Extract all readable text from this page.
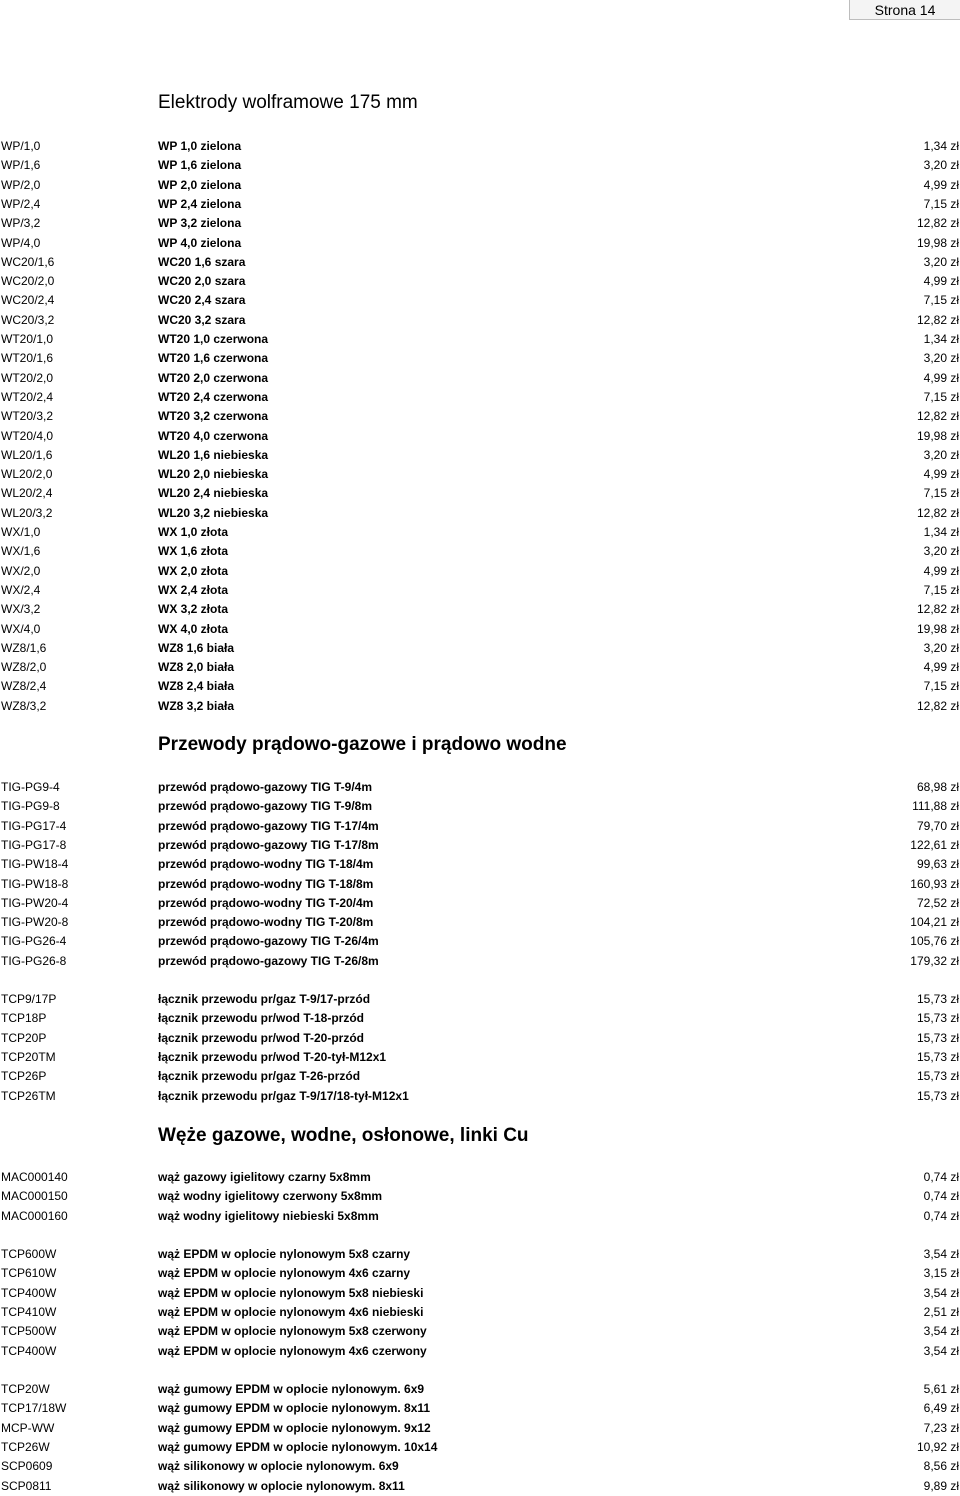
Strona 14
Elektrody wolframowe 175 mm
WP/1,0	WP 1,0 zielona	1,34 zł
WP/1,6	WP 1,6 zielona	3,20 zł
WP/2,0	WP 2,0 zielona	4,99 zł
WP/2,4	WP 2,4 zielona	7,15 zł
WP/3,2	WP 3,2 zielona	12,82 zł
WP/4,0	WP 4,0 zielona	19,98 zł
WC20/1,6	WC20 1,6 szara	3,20 zł
WC20/2,0	WC20 2,0 szara	4,99 zł
WC20/2,4	WC20 2,4 szara	7,15 zł
WC20/3,2	WC20 3,2 szara	12,82 zł
WT20/1,0	WT20 1,0 czerwona	1,34 zł
WT20/1,6	WT20 1,6 czerwona	3,20 zł
WT20/2,0	WT20 2,0 czerwona	4,99 zł
WT20/2,4	WT20 2,4 czerwona	7,15 zł
WT20/3,2	WT20 3,2 czerwona	12,82 zł
WT20/4,0	WT20 4,0 czerwona	19,98 zł
WL20/1,6	WL20 1,6 niebieska	3,20 zł
WL20/2,0	WL20 2,0 niebieska	4,99 zł
WL20/2,4	WL20 2,4 niebieska	7,15 zł
WL20/3,2	WL20 3,2 niebieska	12,82 zł
WX/1,0	WX 1,0 złota	1,34 zł
WX/1,6	WX 1,6 złota	3,20 zł
WX/2,0	WX 2,0 złota	4,99 zł
WX/2,4	WX 2,4 złota	7,15 zł
WX/3,2	WX 3,2 złota	12,82 zł
WX/4,0	WX 4,0 złota	19,98 zł
WZ8/1,6	WZ8 1,6 biała	3,20 zł
WZ8/2,0	WZ8 2,0 biała	4,99 zł
WZ8/2,4	WZ8 2,4 biała	7,15 zł
WZ8/3,2	WZ8 3,2 biała	12,82 zł
Przewody prądowo-gazowe i prądowo wodne
TIG-PG9-4	przewód prądowo-gazowy TIG T-9/4m	68,98 zł
TIG-PG9-8	przewód prądowo-gazowy TIG T-9/8m	111,88 zł
TIG-PG17-4	przewód prądowo-gazowy TIG T-17/4m	79,70 zł
TIG-PG17-8	przewód prądowo-gazowy TIG T-17/8m	122,61 zł
TIG-PW18-4	przewód prądowo-wodny TIG T-18/4m	99,63 zł
TIG-PW18-8	przewód prądowo-wodny TIG T-18/8m	160,93 zł
TIG-PW20-4	przewód prądowo-wodny TIG T-20/4m	72,52 zł
TIG-PW20-8	przewód prądowo-wodny TIG T-20/8m	104,21 zł
TIG-PG26-4	przewód prądowo-gazowy TIG T-26/4m	105,76 zł
TIG-PG26-8	przewód prądowo-gazowy TIG T-26/8m	179,32 zł
TCP9/17P	łącznik przewodu pr/gaz T-9/17-przód	15,73 zł
TCP18P	łącznik przewodu pr/wod T-18-przód	15,73 zł
TCP20P	łącznik przewodu pr/wod T-20-przód	15,73 zł
TCP20TM	łącznik przewodu pr/wod T-20-tył-M12x1	15,73 zł
TCP26P	łącznik przewodu pr/gaz T-26-przód	15,73 zł
TCP26TM	łącznik przewodu pr/gaz T-9/17/18-tył-M12x1	15,73 zł
Węże gazowe, wodne, osłonowe, linki Cu
MAC000140	wąż gazowy igielitowy czarny 5x8mm	0,74 zł
MAC000150	wąż wodny igielitowy czerwony 5x8mm	0,74 zł
MAC000160	wąż wodny igielitowy niebieski 5x8mm	0,74 zł
TCP600W	wąż EPDM w oplocie nylonowym 5x8 czarny	3,54 zł
TCP610W	wąż EPDM w oplocie nylonowym 4x6 czarny	3,15 zł
TCP400W	wąż EPDM w oplocie nylonowym 5x8 niebieski	3,54 zł
TCP410W	wąż EPDM w oplocie nylonowym 4x6 niebieski	2,51 zł
TCP500W	wąż EPDM w oplocie nylonowym 5x8 czerwony	3,54 zł
TCP400W	wąż EPDM w oplocie nylonowym 4x6 czerwony	3,54 zł
TCP20W	wąż gumowy EPDM w oplocie nylonowym. 6x9	5,61 zł
TCP17/18W	wąż gumowy EPDM w oplocie nylonowym. 8x11	6,49 zł
MCP-WW	wąż gumowy EPDM w oplocie nylonowym. 9x12	7,23 zł
TCP26W	wąż gumowy EPDM w oplocie nylonowym. 10x14	10,92 zł
SCP0609	wąż silikonowy w oplocie nylonowym. 6x9	8,56 zł
SCP0811	wąż silikonowy w oplocie nylonowym. 8x11	9,89 zł
